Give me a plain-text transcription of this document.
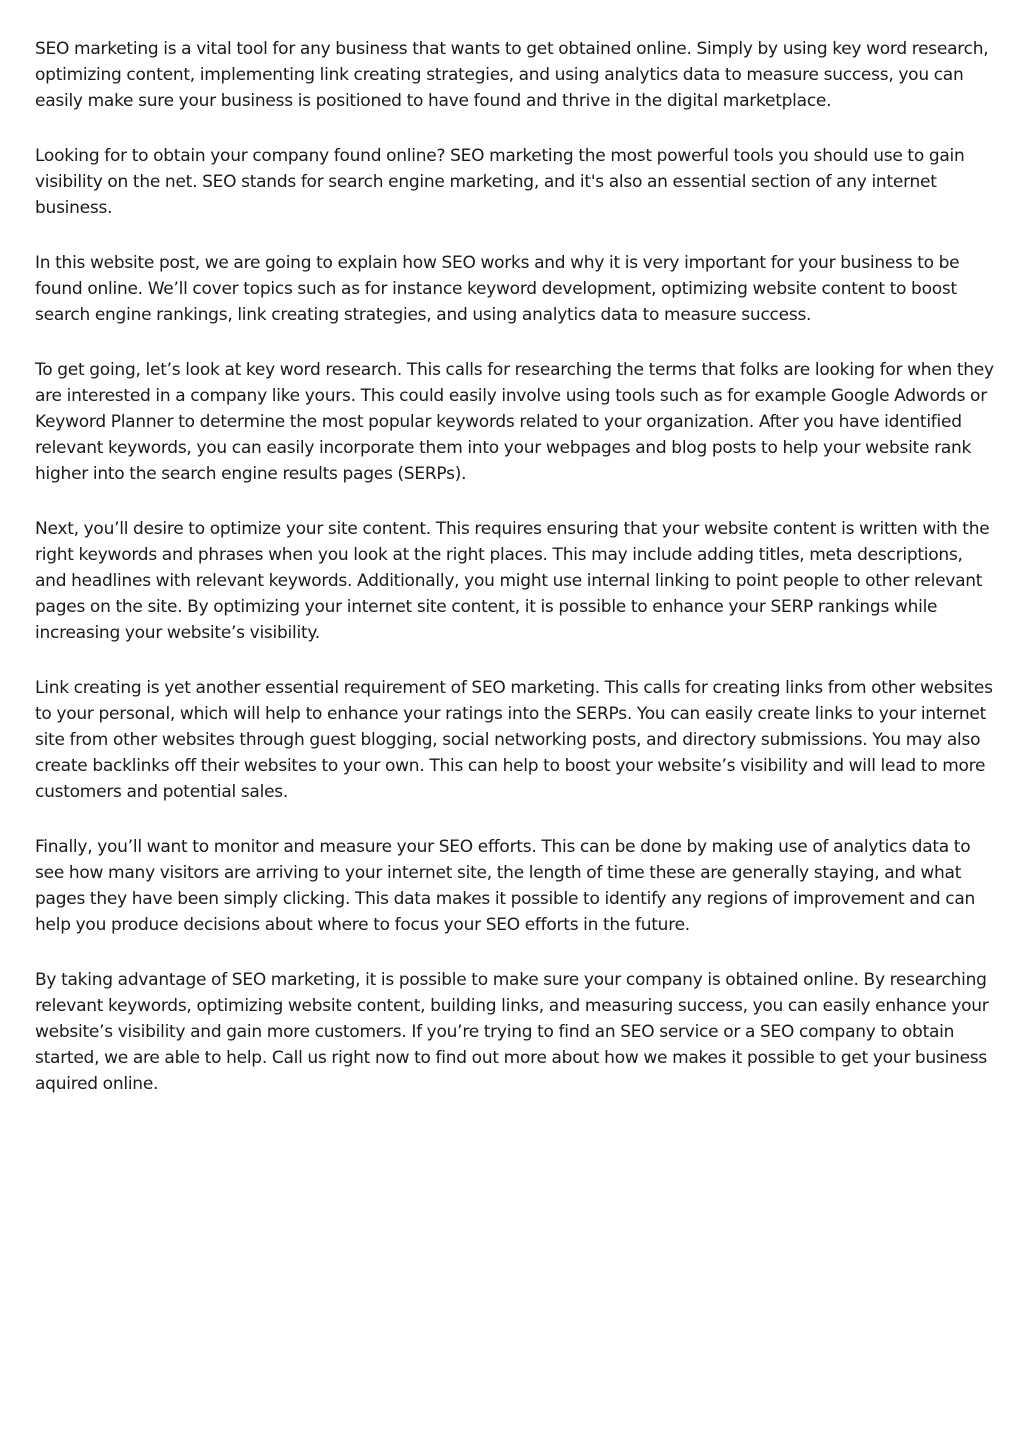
SEO marketing is a vital tool for any business that wants to get obtained online. Simply by using key word research, optimizing content, implementing link creating strategies, and using analytics data to measure success, you can easily make sure your business is positioned to have found and thrive in the digital marketplace.

Looking for to obtain your company found online? SEO marketing the most powerful tools you should use to gain visibility on the net. SEO stands for search engine marketing, and it's also an essential section of any internet business.

In this website post, we are going to explain how SEO works and why it is very important for your business to be found online. We’ll cover topics such as for instance keyword development, optimizing website content to boost search engine rankings, link creating strategies, and using analytics data to measure success.

To get going, let’s look at key word research. This calls for researching the terms that folks are looking for when they are interested in a company like yours. This could easily involve using tools such as for example Google Adwords or Keyword Planner to determine the most popular keywords related to your organization. After you have identified relevant keywords, you can easily incorporate them into your webpages and blog posts to help your website rank higher into the search engine results pages (SERPs).

Next, you’ll desire to optimize your site content. This requires ensuring that your website content is written with the right keywords and phrases when you look at the right places. This may include adding titles, meta descriptions, and headlines with relevant keywords. Additionally, you might use internal linking to point people to other relevant pages on the site. By optimizing your internet site content, it is possible to enhance your SERP rankings while increasing your website’s visibility.

Link creating is yet another essential requirement of SEO marketing. This calls for creating links from other websites to your personal, which will help to enhance your ratings into the SERPs. You can easily create links to your internet site from other websites through guest blogging, social networking posts, and directory submissions. You may also create backlinks off their websites to your own. This can help to boost your website’s visibility and will lead to more customers and potential sales.

Finally, you’ll want to monitor and measure your SEO efforts. This can be done by making use of analytics data to see how many visitors are arriving to your internet site, the length of time these are generally staying, and what pages they have been simply clicking. This data makes it possible to identify any regions of improvement and can help you produce decisions about where to focus your SEO efforts in the future.

By taking advantage of SEO marketing, it is possible to make sure your company is obtained online. By researching relevant keywords, optimizing website content, building links, and measuring success, you can easily enhance your website’s visibility and gain more customers. If you’re trying to find an SEO service or a SEO company to obtain started, we are able to help. Call us right now to find out more about how we makes it possible to get your business aquired online.
